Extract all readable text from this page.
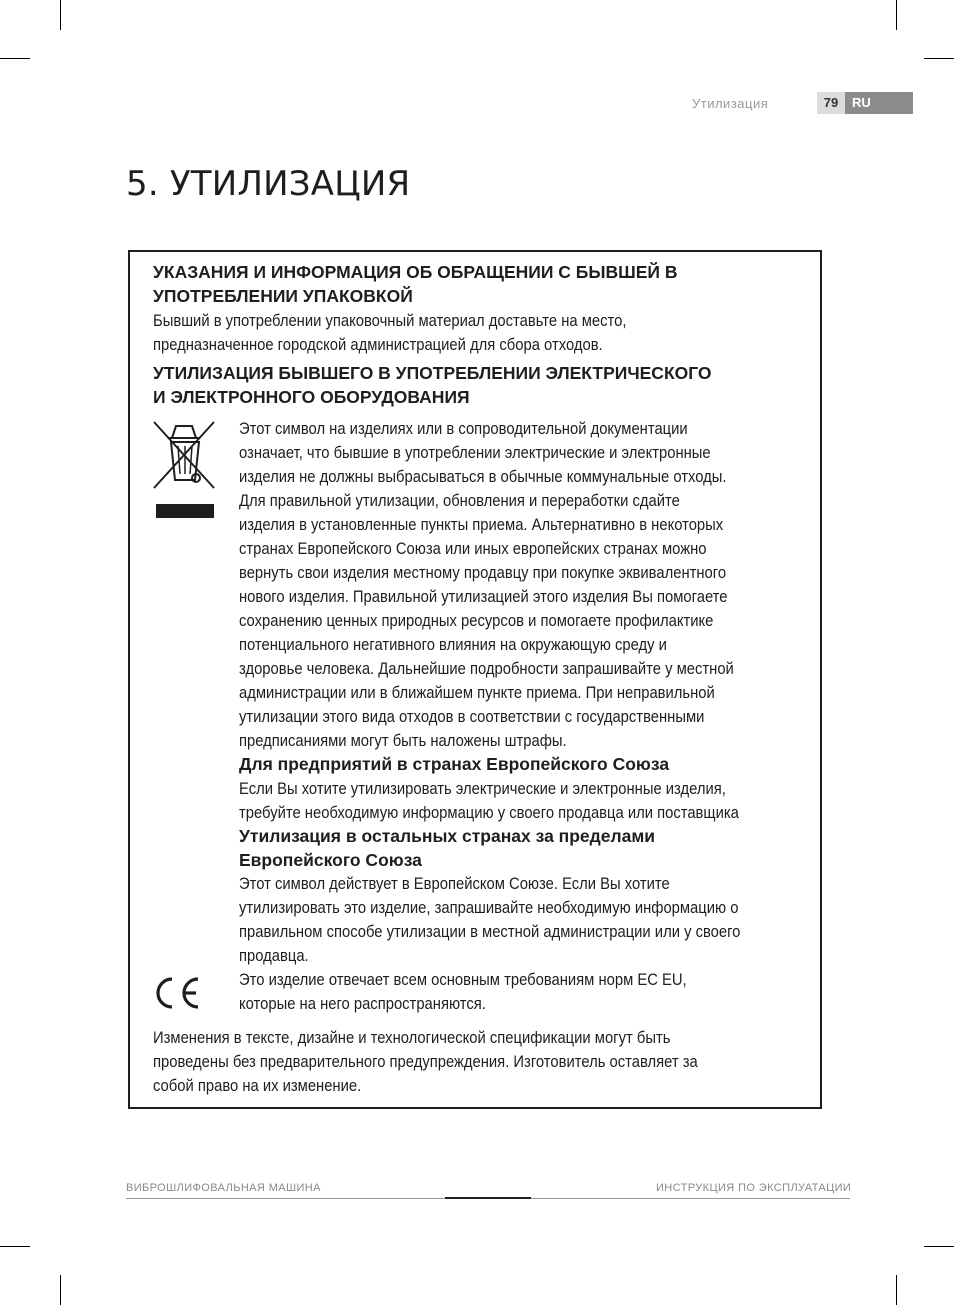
Утилизация	79	RU
5. УТИЛИЗАЦИЯ
УКАЗАНИЯ И ИНФОРМАЦИЯ ОБ ОБРАЩЕНИИ С БЫВШЕЙ В
УПОТРЕБЛЕНИИ УПАКОВКОЙ
Бывший в употреблении упаковочный материал доставьте на место,
предназначенное городской администрацией для сбора отходов.
УТИЛИЗАЦИЯ БЫВШЕГО В УПОТРЕБЛЕНИИ ЭЛЕКТРИЧЕСКОГО
И ЭЛЕКТРОННОГО ОБОРУДОВАНИЯ
Этот символ на изделиях или в сопроводительной документации
означает, что бывшие в употреблении электрические и электронные
изделия не должны выбрасываться в обычные коммунальные отходы.
Для правильной утилизации, обновления и переработки сдайте
изделия в установленные пункты приема. Альтернативно в некоторых
странах Европейского Союза или иных европейских странах можно
вернуть свои изделия местному продавцу при покупке эквивалентного
нового изделия. Правильной утилизацией этого изделия Вы помогаете
сохранению ценных природных ресурсов и помогаете профилактике
потенциального негативного влияния на окружающую среду и
здоровье человека. Дальнейшие подробности запрашивайте у местной
администрации или в ближайшем пункте приема. При неправильной
утилизации этого вида отходов в соответствии с государственными
предписаниями могут быть наложены штрафы.
Для предприятий в странах Европейского Союза
Если Вы хотите утилизировать электрические и электронные изделия,
требуйте необходимую информацию у своего продавца или поставщика
Утилизация в остальных странах за пределами
Европейского Союза
Этот символ действует в Европейском Союзе. Если Вы хотите
утилизировать это изделие, запрашивайте необходимую информацию о
правильном способе утилизации в местной администрации или у своего
продавца.
Это изделие отвечает всем основным требованиям норм ЕС EU,
которые на него распространяются.
Изменения в тексте, дизайне и технологической спецификации могут быть
проведены без предварительного предупреждения. Изготовитель оставляет за
собой право на их изменение.
ВИБРОШЛИФОВАЛЬНАЯ МАШИНА	ИНСТРУКЦИЯ ПО ЭКСПЛУАТАЦИИ
